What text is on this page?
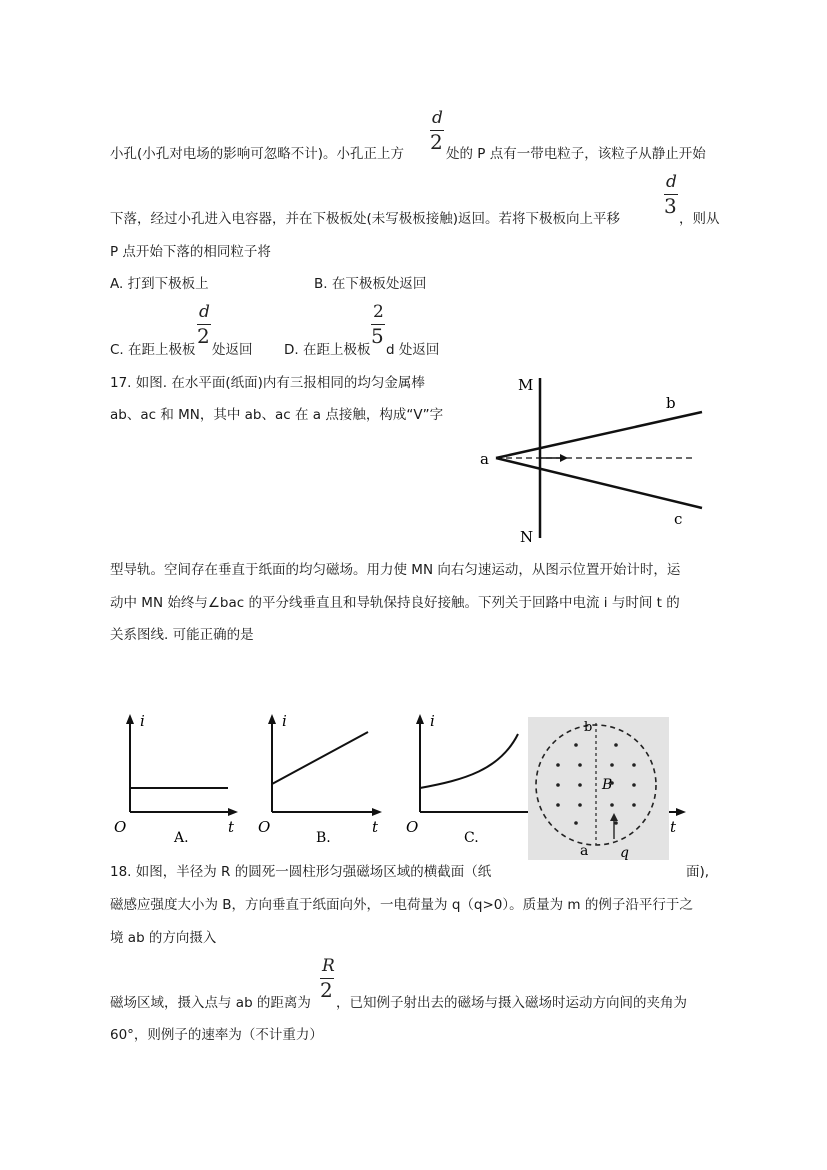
d
2
小孔(小孔对电场的影响可忽略不计)。小孔正上方	处的 P 点有一带电粒子，该粒子从静止开始
d
3
下落，经过小孔进入电容器，并在下极板处(未写极板接触)返回。若将下极板向上平移	，则从
P 点开始下落的相同粒子将
A. 打到下极板上	B. 在下极板处返回
C. 在距上极板
d
2
处返回 D. 在距上极板
2
5
d 处返回
17. 如图. 在水平面(纸面)内有三报相同的均匀金属棒
ab、ac 和 MN，其中 ab、ac 在 a 点接触，构成“V”字
M
N
a
b
c
型导轨。空间存在垂直于纸面的均匀磁场。用力使 MN 向右匀速运动，从图示位置开始计时，运
动中 MN 始终与∠bac 的平分线垂直且和导轨保持良好接触。下列关于回路中电流 i 与时间 t 的
关系图线. 可能正确的是
i
t
O
A.
i
t
O
B.
i
O
C.
t
b
B
a q
18. 如图，半径为 R 的圆死一圆柱形匀强磁场区域的横截面（纸	面),
磁感应强度大小为 B，方向垂直于纸面向外，一电荷量为 q（q>0）。质量为 m 的例子沿平行于之
境 ab 的方向摄入
R
2
磁场区域，摄入点与 ab 的距离为 ，已知例子射出去的磁场与摄入磁场时运动方向间的夹角为
60°，则例子的速率为（不计重力）
